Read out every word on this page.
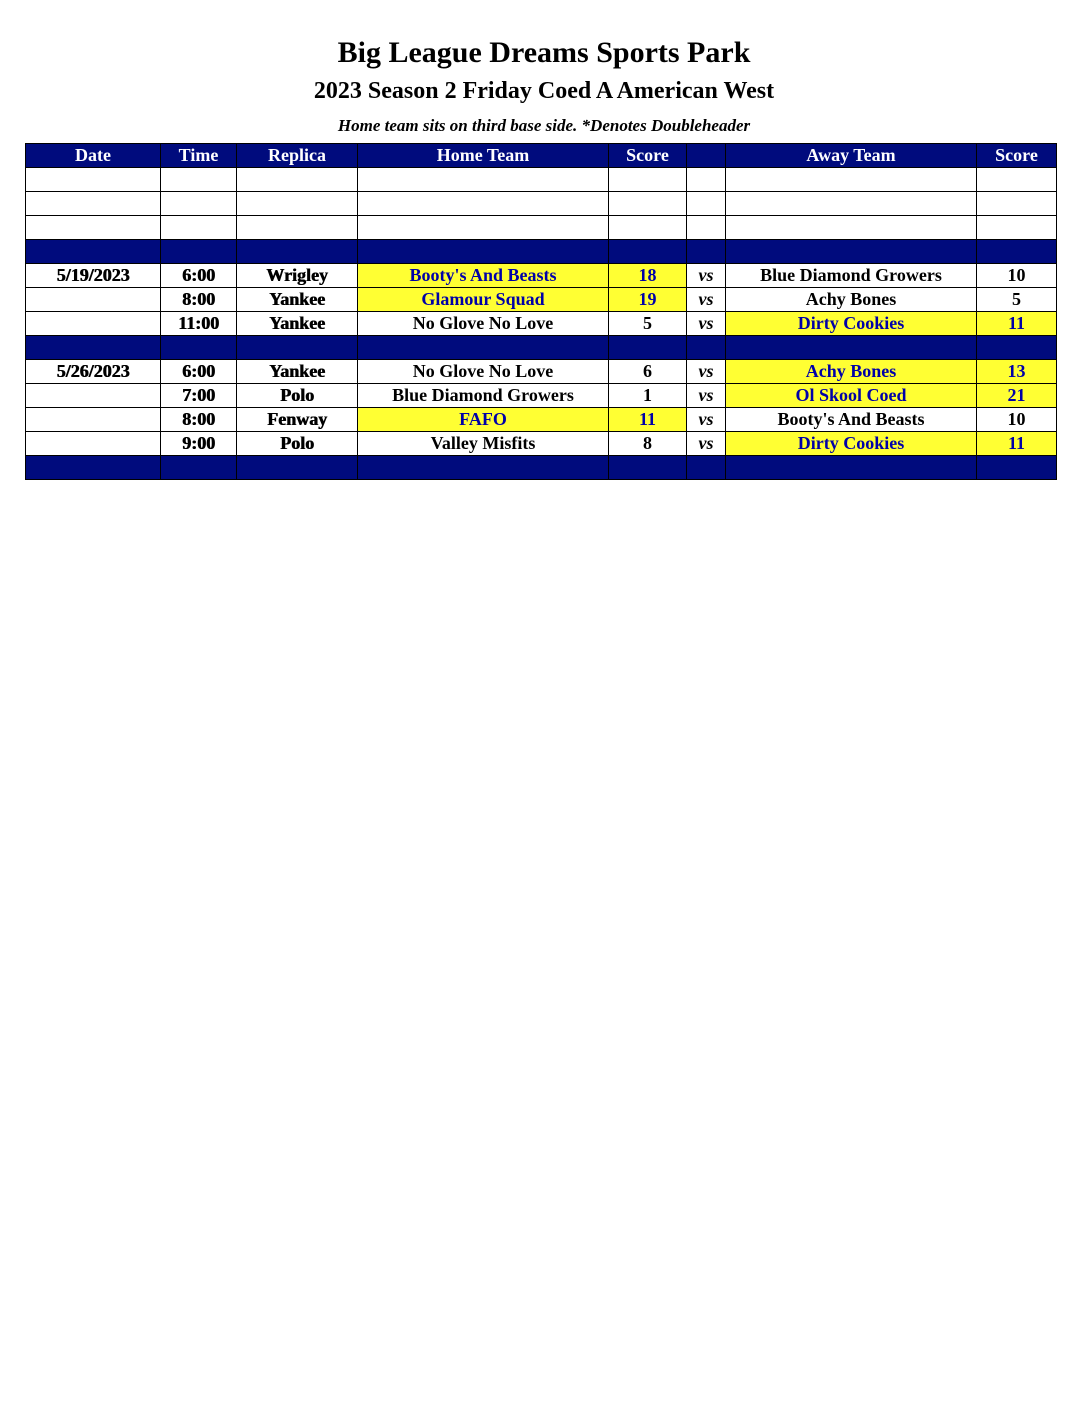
Big League Dreams Sports Park
2023 Season 2 Friday Coed A American West
Home team sits on third base side. *Denotes Doubleheader
Date	Time	Replica	Home Team	Score		Away Team	Score

5/19/2023	6:00	Wrigley	Booty's And Beasts	18	vs	Blue Diamond Growers	10
	8:00	Yankee	Glamour Squad	19	vs	Achy Bones	5
	11:00	Yankee	No Glove No Love	5	vs	Dirty Cookies	11

5/26/2023	6:00	Yankee	No Glove No Love	6	vs	Achy Bones	13
	7:00	Polo	Blue Diamond Growers	1	vs	Ol Skool Coed	21
	8:00	Fenway	FAFO	11	vs	Booty's And Beasts	10
	9:00	Polo	Valley Misfits	8	vs	Dirty Cookies	11
